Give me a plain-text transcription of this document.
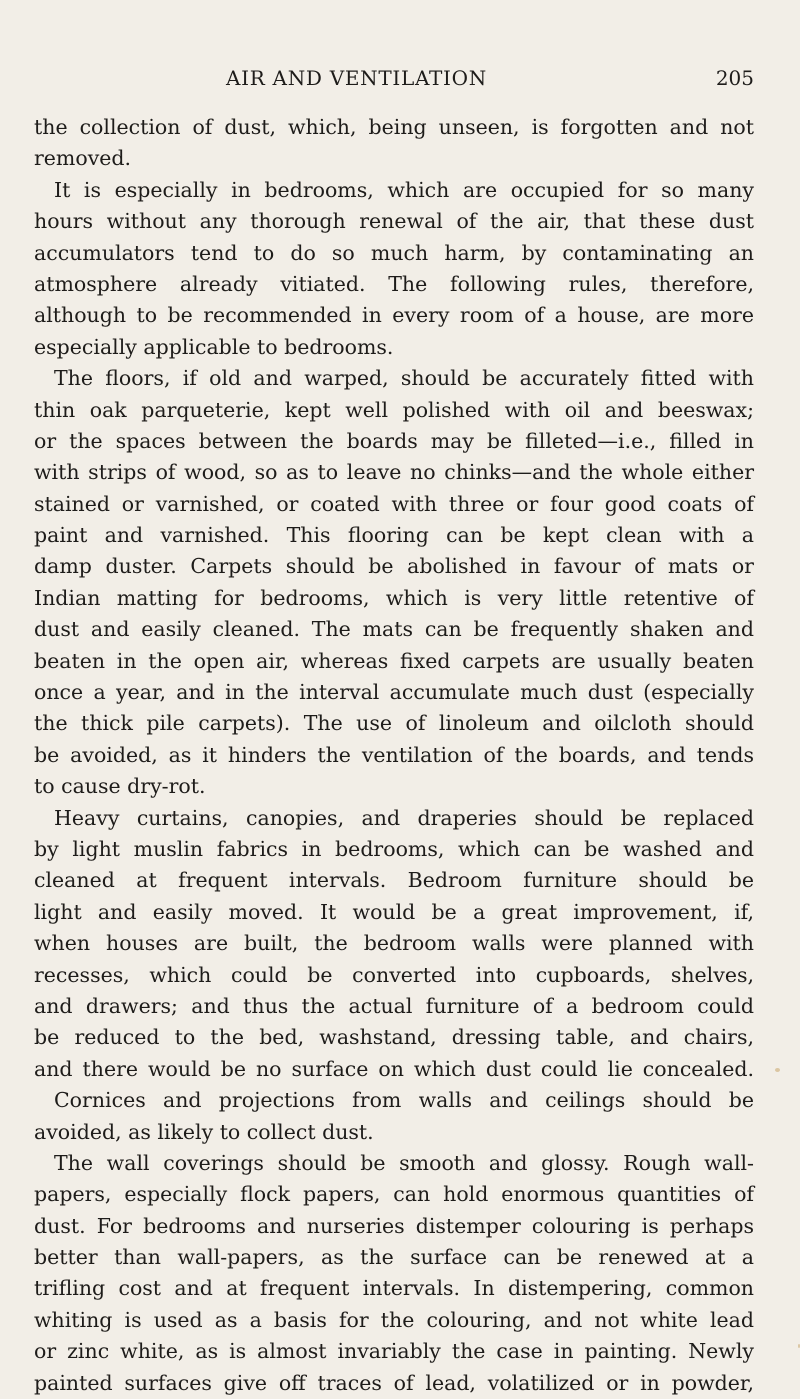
AIR AND VENTILATION	205
the collection of dust, which, being unseen, is forgotten and not
removed.
It is especially in bedrooms, which are occupied for so many
hours without any thorough renewal of the air, that these dust
accumulators tend to do so much harm, by contaminating an
atmosphere already vitiated. The following rules, therefore,
although to be recommended in every room of a house, are more
especially applicable to bedrooms.
The floors, if old and warped, should be accurately fitted with
thin oak parqueterie, kept well polished with oil and beeswax;
or the spaces between the boards may be filleted—i.e., filled in
with strips of wood, so as to leave no chinks—and the whole either
stained or varnished, or coated with three or four good coats of
paint and varnished. This flooring can be kept clean with a
damp duster. Carpets should be abolished in favour of mats or
Indian matting for bedrooms, which is very little retentive of
dust and easily cleaned. The mats can be frequently shaken and
beaten in the open air, whereas fixed carpets are usually beaten
once a year, and in the interval accumulate much dust (especially
the thick pile carpets). The use of linoleum and oilcloth should
be avoided, as it hinders the ventilation of the boards, and tends
to cause dry-rot.
Heavy curtains, canopies, and draperies should be replaced
by light muslin fabrics in bedrooms, which can be washed and
cleaned at frequent intervals. Bedroom furniture should be
light and easily moved. It would be a great improvement, if,
when houses are built, the bedroom walls were planned with
recesses, which could be converted into cupboards, shelves,
and drawers; and thus the actual furniture of a bedroom could
be reduced to the bed, washstand, dressing table, and chairs,
and there would be no surface on which dust could lie concealed.
Cornices and projections from walls and ceilings should be
avoided, as likely to collect dust.
The wall coverings should be smooth and glossy. Rough wall-
papers, especially flock papers, can hold enormous quantities of
dust. For bedrooms and nurseries distemper colouring is perhaps
better than wall-papers, as the surface can be renewed at a
trifling cost and at frequent intervals. In distempering, common
whiting is used as a basis for the colouring, and not white lead
or zinc white, as is almost invariably the case in painting. Newly
painted surfaces give off traces of lead, volatilized or in powder,
